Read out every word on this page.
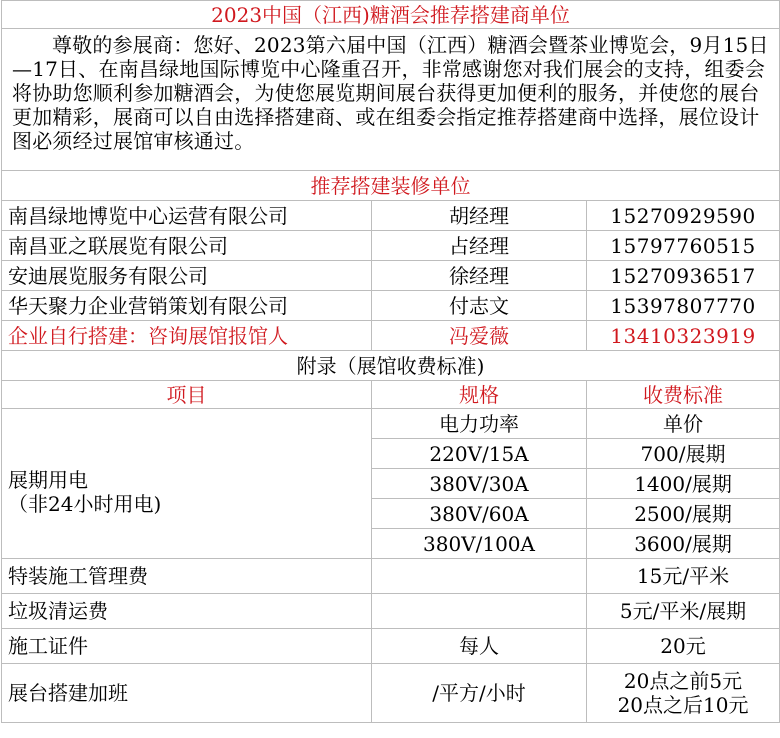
2023中国（江西)糖酒会推荐搭建商单位		

尊敬的参展商：您好、2023第六届中国（江西）糖酒会暨茶业博览会，9月15日—17日、在南昌绿地国际博览中心隆重召开，非常感谢您对我们展会的支持，组委会将协助您顺利参加糖酒会，为使您展览期间展台获得更加便利的服务，并使您的展台更加精彩，展商可以自由选择搭建商、或在组委会指定推荐搭建商中选择，展位设计图必须经过展馆审核通过。		

推荐搭建装修单位		
南昌绿地博览中心运营有限公司	胡经理	15270929590
南昌亚之联展览有限公司	占经理	15797760515
安迪展览服务有限公司	徐经理	15270936517
华天聚力企业营销策划有限公司	付志文	15397807770
企业自行搭建：咨询展馆报馆人	冯爱薇	13410323919
附录（展馆收费标准)		
项目	规格	收费标准

展期用电
（非24小时用电)	电力功率	单价
	220V/15A	700/展期
	380V/30A	1400/展期
	380V/60A	2500/展期
	380V/100A	3600/展期
特装施工管理费		15元/平米
垃圾清运费		5元/平米/展期
施工证件	每人	20元
展台搭建加班	/平方/小时	20点之前5元
20点之后10元
